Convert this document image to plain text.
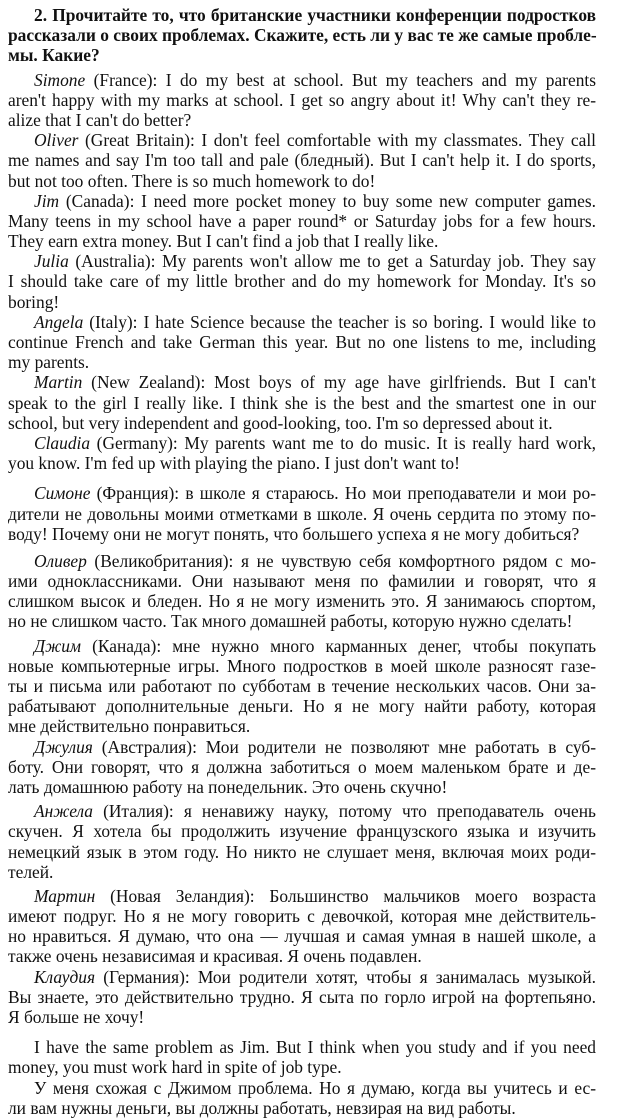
2. Прочитайте то, что британские участники конференции подростков
рассказали о своих проблемах. Скажите, есть ли у вас те же самые пробле-
мы. Какие?
Simone (France): I do my best at school. But my teachers and my parents
aren't happy with my marks at school. I get so angry about it! Why can't they re-
alize that I can't do better?
Oliver (Great Britain): I don't feel comfortable with my classmates. They call
me names and say I'm too tall and pale (бледный). But I can't help it. I do sports,
but not too often. There is so much homework to do!
Jim (Canada): I need more pocket money to buy some new computer games.
Many teens in my school have a paper round* or Saturday jobs for a few hours.
They earn extra money. But I can't find a job that I really like.
Julia (Australia): My parents won't allow me to get a Saturday job. They say
I should take care of my little brother and do my homework for Monday. It's so
boring!
Angela (Italy): I hate Science because the teacher is so boring. I would like to
continue French and take German this year. But no one listens to me, including
my parents.
Martin (New Zealand): Most boys of my age have girlfriends. But I can't
speak to the girl I really like. I think she is the best and the smartest one in our
school, but very independent and good-looking, too. I'm so depressed about it.
Claudia (Germany): My parents want me to do music. It is really hard work,
you know. I'm fed up with playing the piano. I just don't want to!
Симоне (Франция): в школе я стараюсь. Но мои преподаватели и мои ро-
дители не довольны моими отметками в школе. Я очень сердита по этому по-
воду! Почему они не могут понять, что большего успеха я не могу добиться?
Оливер (Великобритания): я не чувствую себя комфортного рядом с мо-
ими одноклассниками. Они называют меня по фамилии и говорят, что я
слишком высок и бледен. Но я не могу изменить это. Я занимаюсь спортом,
но не слишком часто. Так много домашней работы, которую нужно сделать!
Джим (Канада): мне нужно много карманных денег, чтобы покупать
новые компьютерные игры. Много подростков в моей школе разносят газе-
ты и письма или работают по субботам в течение нескольких часов. Они за-
рабатывают дополнительные деньги. Но я не могу найти работу, которая
мне действительно понравиться.
Джулия (Австралия): Мои родители не позволяют мне работать в суб-
боту. Они говорят, что я должна заботиться о моем маленьком брате и де-
лать домашнюю работу на понедельник. Это очень скучно!
Анжела (Италия): я ненавижу науку, потому что преподаватель очень
скучен. Я хотела бы продолжить изучение французского языка и изучить
немецкий язык в этом году. Но никто не слушает меня, включая моих роди-
телей.
Мартин (Новая Зеландия): Большинство мальчиков моего возраста
имеют подруг. Но я не могу говорить с девочкой, которая мне действитель-
но нравиться. Я думаю, что она — лучшая и самая умная в нашей школе, а
также очень независимая и красивая. Я очень подавлен.
Клаудия (Германия): Мои родители хотят, чтобы я занималась музыкой.
Вы знаете, это действительно трудно. Я сыта по горло игрой на фортепьяно.
Я больше не хочу!
I have the same problem as Jim. But I think when you study and if you need
money, you must work hard in spite of job type.
У меня схожая с Джимом проблема. Но я думаю, когда вы учитесь и ес-
ли вам нужны деньги, вы должны работать, невзирая на вид работы.
